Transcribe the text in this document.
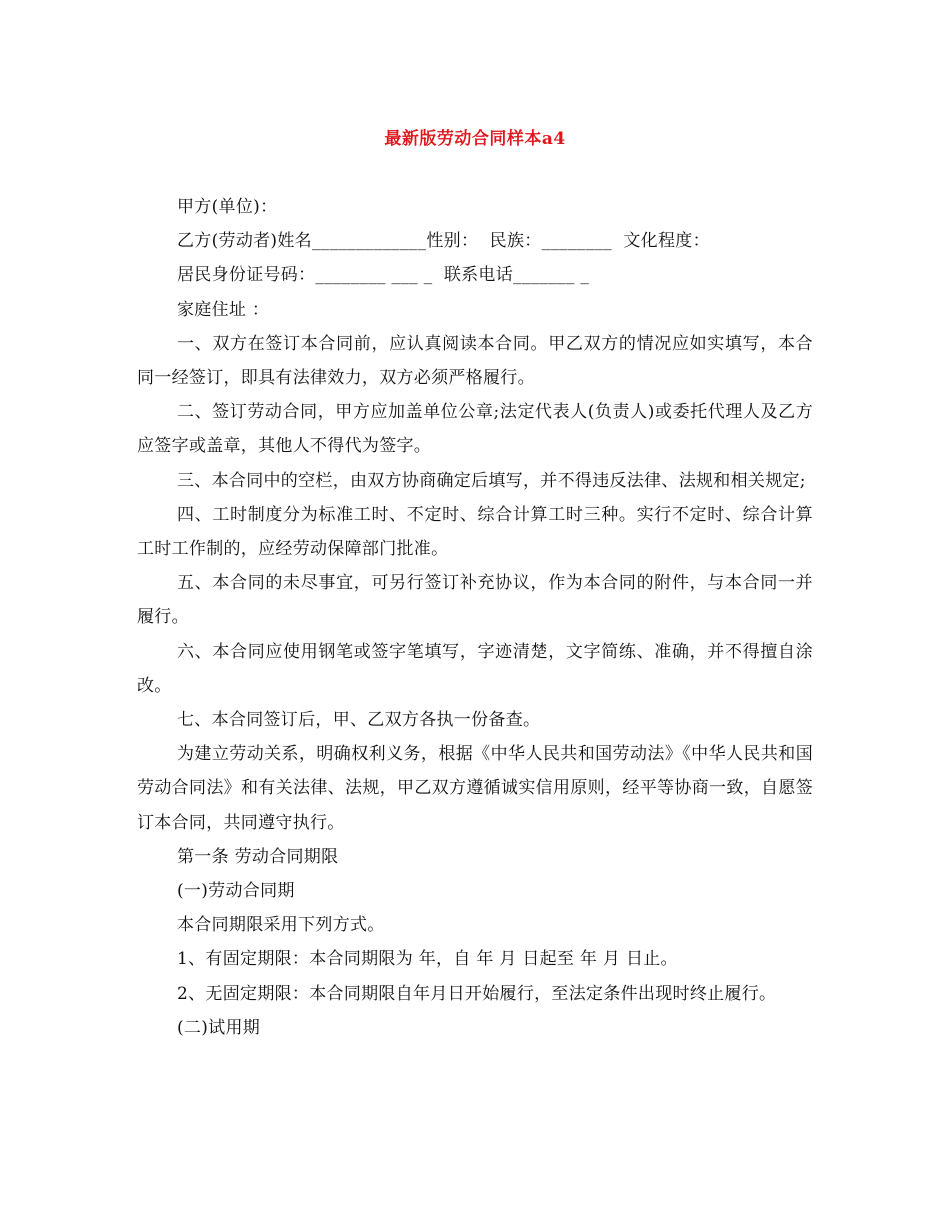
最新版劳动合同样本a4

甲方(单位)：

乙方(劳动者)姓名_____________性别：  民族：________  文化程度：

居民身份证号码：________ ___ _  联系电话_______ _

家庭住址 ：

一、双方在签订本合同前，应认真阅读本合同。甲乙双方的情况应如实填写，本合同一经签订，即具有法律效力，双方必须严格履行。

二、签订劳动合同，甲方应加盖单位公章;法定代表人(负责人)或委托代理人及乙方应签字或盖章，其他人不得代为签字。

三、本合同中的空栏，由双方协商确定后填写，并不得违反法律、法规和相关规定;

四、工时制度分为标准工时、不定时、综合计算工时三种。实行不定时、综合计算工时工作制的，应经劳动保障部门批准。

五、本合同的未尽事宜，可另行签订补充协议，作为本合同的附件，与本合同一并履行。

六、本合同应使用钢笔或签字笔填写，字迹清楚，文字简练、准确，并不得擅自涂改。

七、本合同签订后，甲、乙双方各执一份备查。

为建立劳动关系，明确权利义务，根据《中华人民共和国劳动法》《中华人民共和国劳动合同法》和有关法律、法规，甲乙双方遵循诚实信用原则，经平等协商一致，自愿签订本合同，共同遵守执行。

第一条 劳动合同期限

(一)劳动合同期

本合同期限采用下列方式。

1、有固定期限：本合同期限为 年，自 年 月 日起至 年 月 日止。

2、无固定期限：本合同期限自年月日开始履行，至法定条件出现时终止履行。

(二)试用期
